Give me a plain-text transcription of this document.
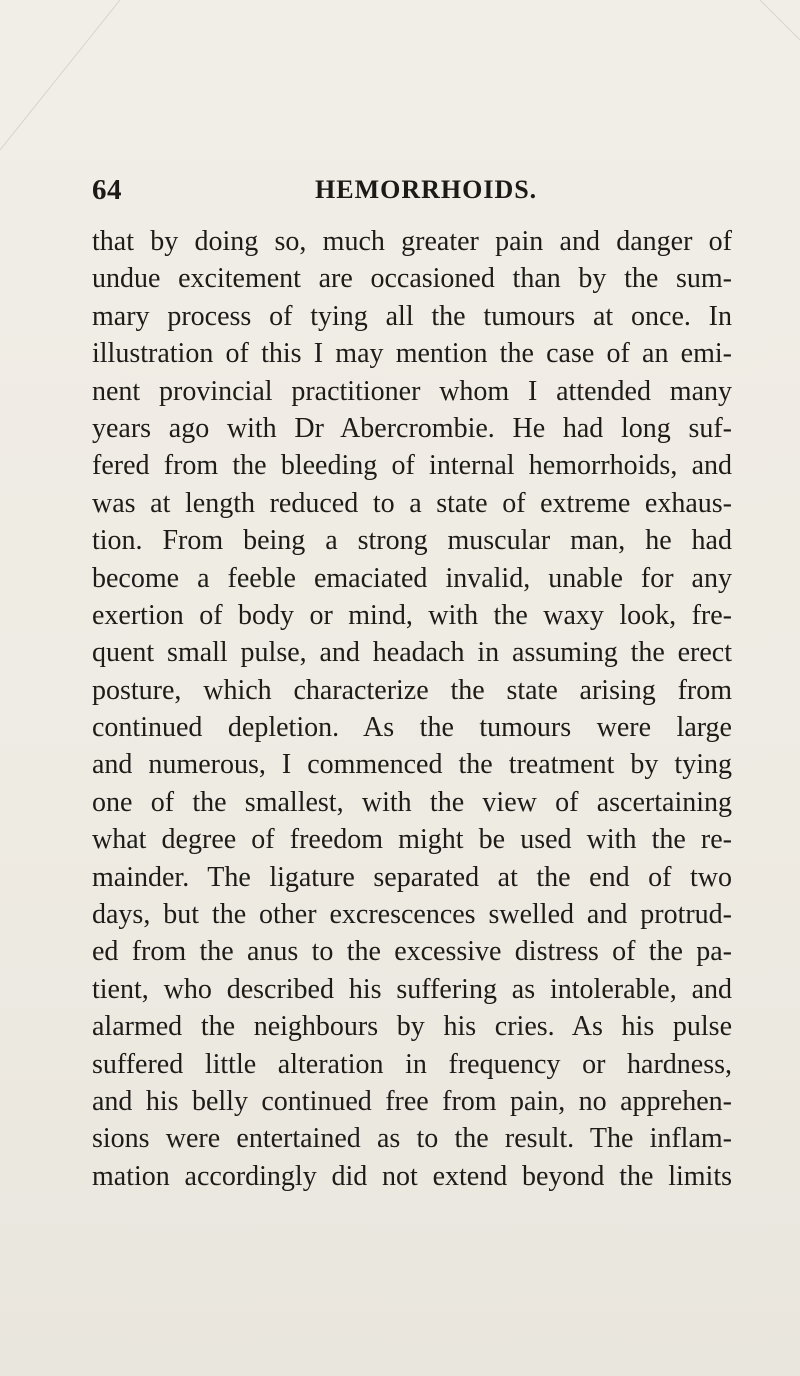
64	HEMORRHOIDS.
that by doing so, much greater pain and danger of
undue excitement are occasioned than by the sum-
mary process of tying all the tumours at once. In
illustration of this I may mention the case of an emi-
nent provincial practitioner whom I attended many
years ago with Dr Abercrombie. He had long suf-
fered from the bleeding of internal hemorrhoids, and
was at length reduced to a state of extreme exhaus-
tion. From being a strong muscular man, he had
become a feeble emaciated invalid, unable for any
exertion of body or mind, with the waxy look, fre-
quent small pulse, and headach in assuming the erect
posture, which characterize the state arising from
continued depletion. As the tumours were large
and numerous, I commenced the treatment by tying
one of the smallest, with the view of ascertaining
what degree of freedom might be used with the re-
mainder. The ligature separated at the end of two
days, but the other excrescences swelled and protrud-
ed from the anus to the excessive distress of the pa-
tient, who described his suffering as intolerable, and
alarmed the neighbours by his cries. As his pulse
suffered little alteration in frequency or hardness,
and his belly continued free from pain, no apprehen-
sions were entertained as to the result. The inflam-
mation accordingly did not extend beyond the limits
